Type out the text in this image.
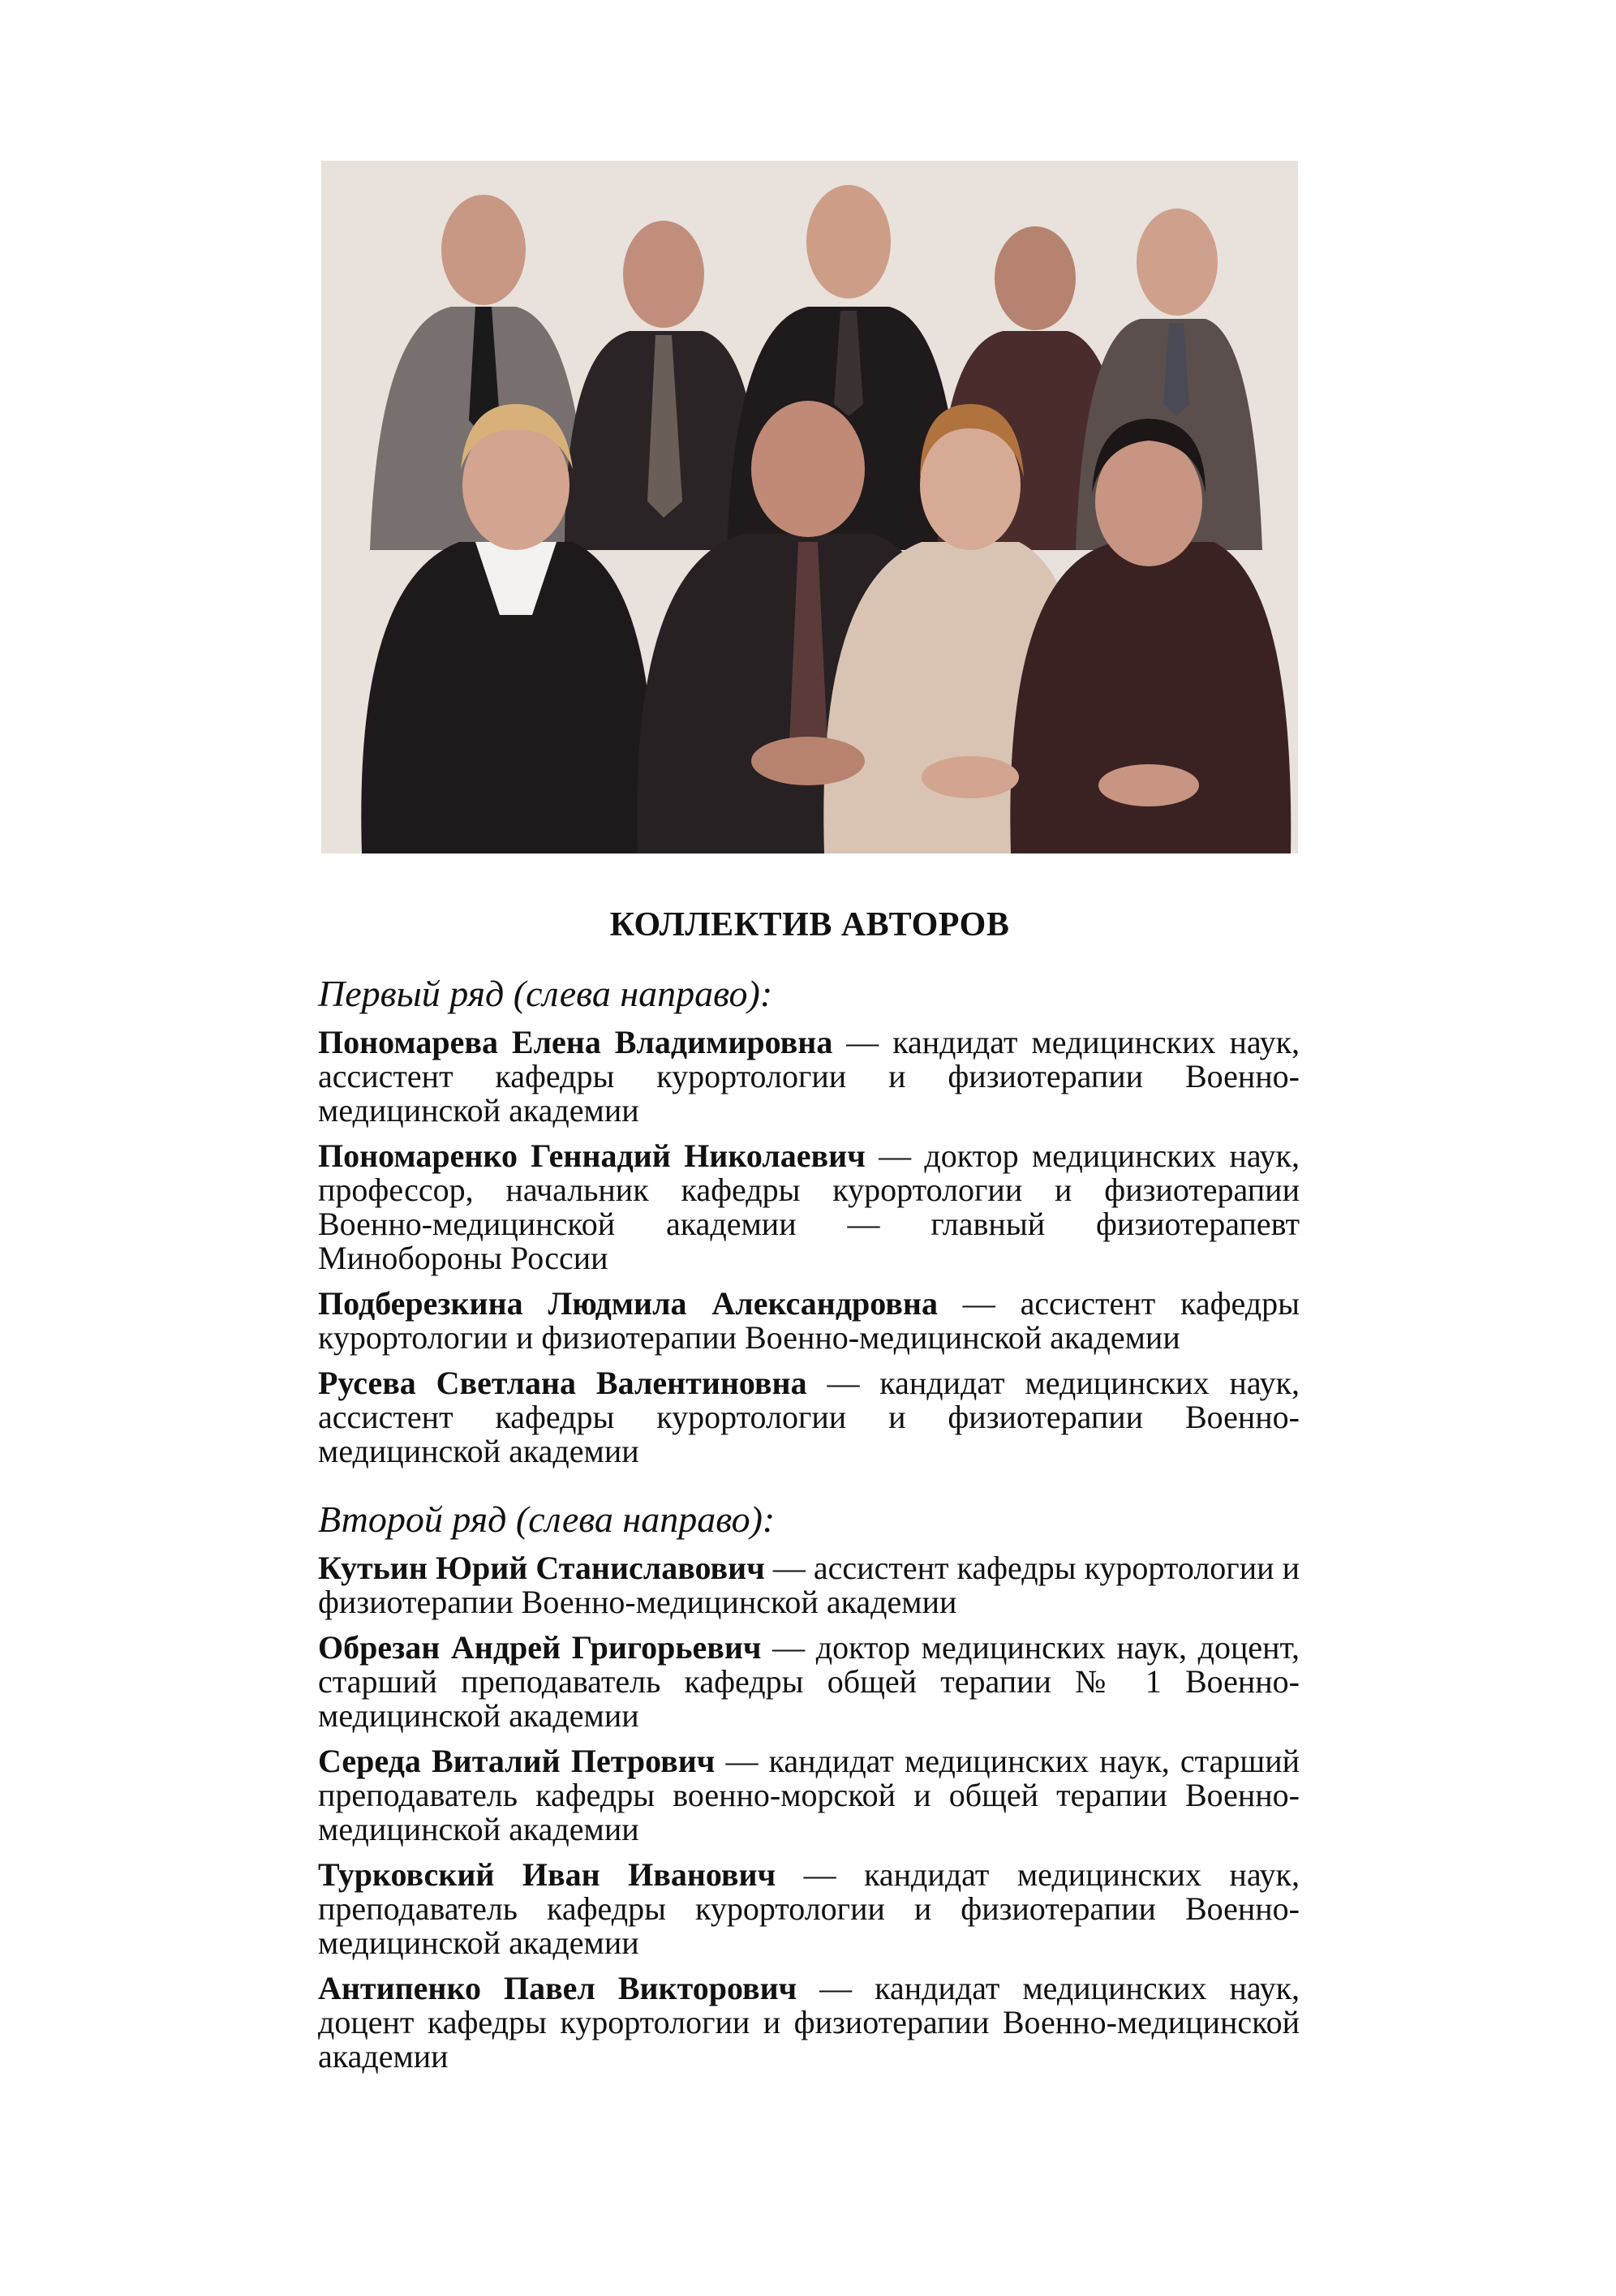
КОЛЛЕКТИВ АВТОРОВ
Первый ряд (слева направо):

Пономарева Елена Владимировна — кандидат медицинских наук, ассистент кафедры курортологии и физиотерапии Военно-медицинской академии

Пономаренко Геннадий Николаевич — доктор медицинских наук, профессор, начальник кафедры курортологии и физиотерапии Военно-медицинской академии — главный физиотерапевт Минобороны России

Подберезкина Людмила Александровна — ассистент кафедры курортологии и физиотерапии Военно-медицинской академии

Русева Светлана Валентиновна — кандидат медицинских наук, ассистент кафедры курортологии и физиотерапии Военно-медицинской академии

Второй ряд (слева направо):

Кутьин Юрий Станиславович — ассистент кафедры курортологии и физиотерапии Военно-медицинской академии

Обрезан Андрей Григорьевич — доктор медицинских наук, доцент, старший преподаватель кафедры общей терапии № 1 Военно-медицинской академии

Середа Виталий Петрович — кандидат медицинских наук, старший преподаватель кафедры военно-морской и общей терапии Военно-медицинской академии

Турковский Иван Иванович — кандидат медицинских наук, преподаватель кафедры курортологии и физиотерапии Военно-медицинской академии

Антипенко Павел Викторович — кандидат медицинских наук, доцент кафедры курортологии и физиотерапии Военно-медицинской академии
